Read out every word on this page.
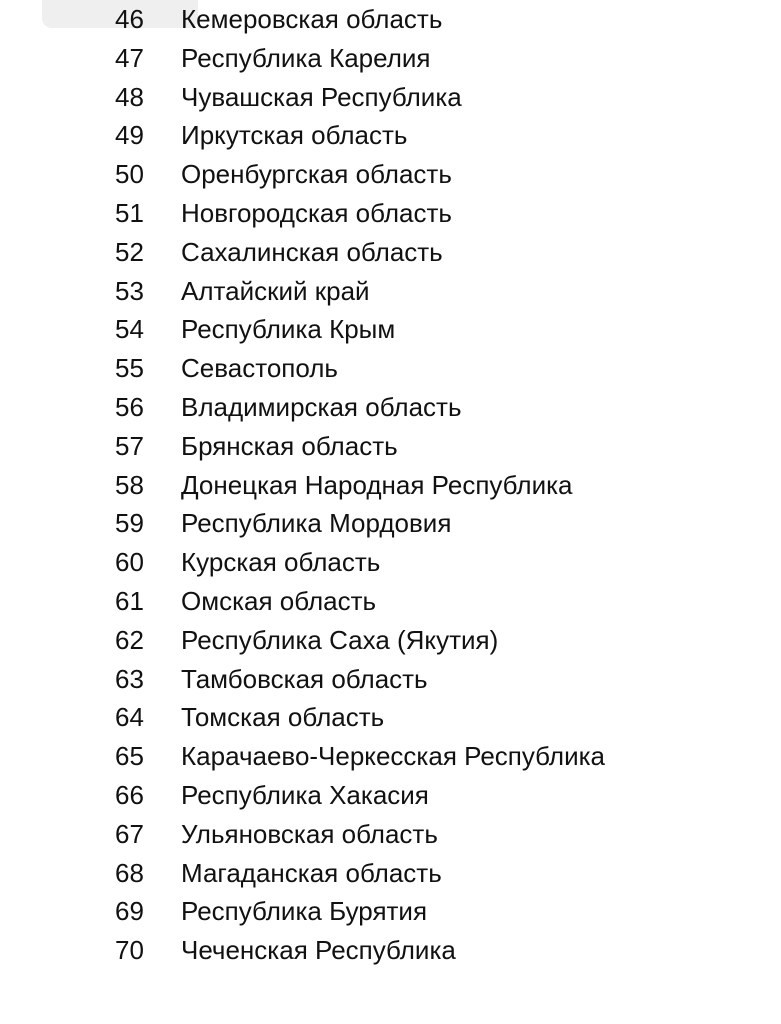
46	Кемеровская область
47	Республика Карелия
48	Чувашская Республика
49	Иркутская область
50	Оренбургская область
51	Новгородская область
52	Сахалинская область
53	Алтайский край
54	Республика Крым
55	Севастополь
56	Владимирская область
57	Брянская область
58	Донецкая Народная Республика
59	Республика Мордовия
60	Курская область
61	Омская область
62	Республика Саха (Якутия)
63	Тамбовская область
64	Томская область
65	Карачаево-Черкесская Республика
66	Республика Хакасия
67	Ульяновская область
68	Магаданская область
69	Республика Бурятия
70	Чеченская Республика
